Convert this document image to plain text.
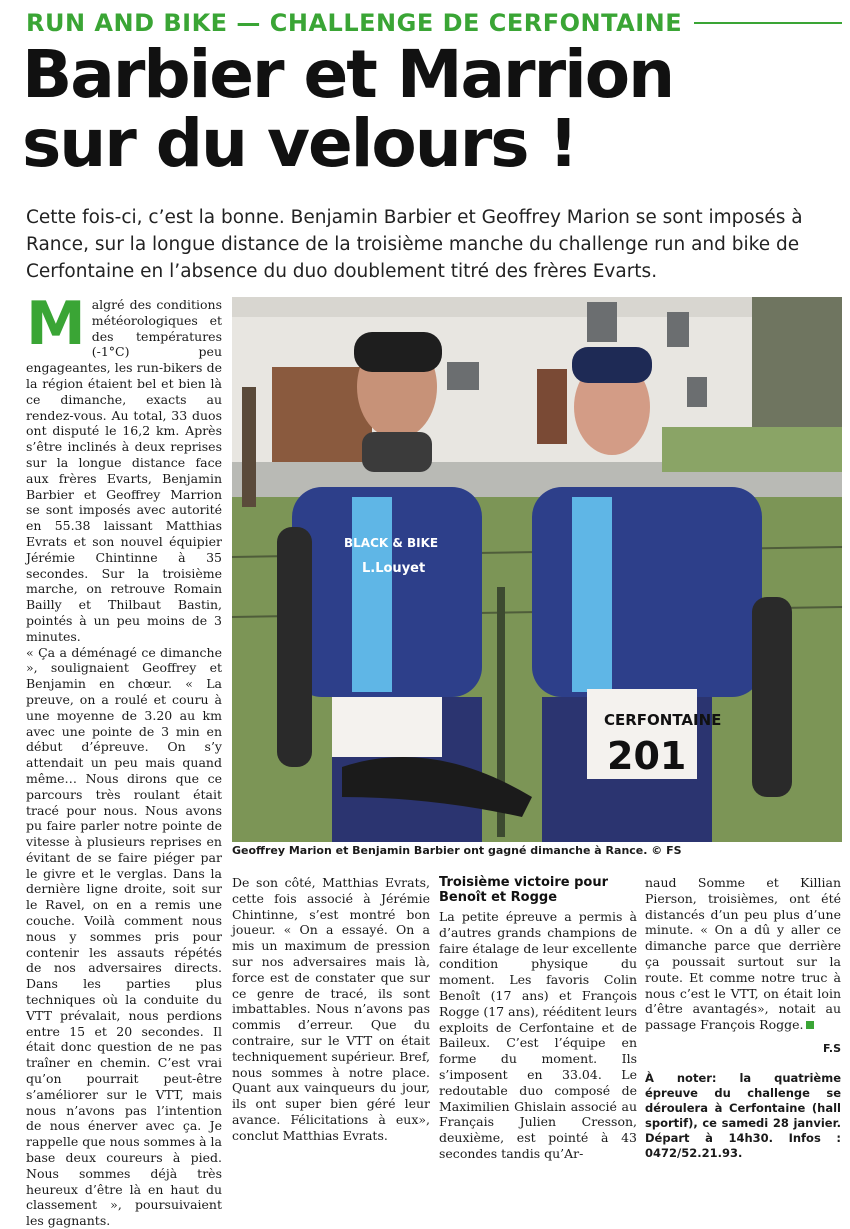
RUN AND BIKE — CHALLENGE DE CERFONTAINE
Barbier et Marrion
sur du velours !

Cette fois-ci, c’est la bonne. Benjamin Barbier et Geoffrey Marion se sont imposés à Rance, sur la longue distance de la troisième manche du challenge run and bike de Cerfontaine en l’absence du duo doublement titré des frères Evarts.

M algré des conditions météorologiques et des températures (-1°C) peu engageantes, les run-bikers de la région étaient bel et bien là ce dimanche, exacts au rendez-vous. Au total, 33 duos ont disputé le 16,2 km. Après s’être inclinés à deux reprises sur la longue distance face aux frères Evarts, Benjamin Barbier et Geoffrey Marrion se sont imposés avec autorité en 55.38 laissant Matthias Evrats et son nouvel équipier Jérémie Chintinne à 35 secondes. Sur la troisième marche, on retrouve Romain Bailly et Thilbaut Bastin, pointés à un peu moins de 3 minutes.

« Ça a déménagé ce dimanche », soulignaient Geoffrey et Benjamin en chœur. « La preuve, on a roulé et couru à une moyenne de 3.20 au km avec une pointe de 3 min en début d’épreuve. On s’y attendait un peu mais quand même… Nous dirons que ce parcours très roulant était tracé pour nous. Nous avons pu faire parler notre pointe de vitesse à plusieurs reprises en évitant de se faire piéger par le givre et le verglas. Dans la dernière ligne droite, soit sur le Ravel, on en a remis une couche. Voilà comment nous nous y sommes pris pour contenir les assauts répétés de nos adversaires directs. Dans les parties plus techniques où la conduite du VTT prévalait, nous perdions entre 15 et 20 secondes. Il était donc question de ne pas traîner en chemin. C’est vrai qu’on pourrait peut-être s’améliorer sur le VTT, mais nous n’avons pas l’intention de nous énerver avec ça. Je rappelle que nous sommes à la base deux coureurs à pied. Nous sommes déjà très heureux d’être là en haut du classement », poursuivaient les gagnants.

CERFONTAINE
201
BLACK & BIKE
L.Louyet
Geoffrey Marion et Benjamin Barbier ont gagné dimanche à Rance. © FS

De son côté, Matthias Evrats, cette fois associé à Jérémie Chintinne, s’est montré bon joueur. « On a essayé. On a mis un maximum de pression sur nos adversaires mais là, force est de constater que sur ce genre de tracé, ils sont imbattables. Nous n’avons pas commis d’erreur. Que du contraire, sur le VTT on était techniquement supérieur. Bref, nous sommes à notre place. Quant aux vainqueurs du jour, ils ont super bien géré leur avance. Félicitations à eux», conclut Matthias Evrats.

Troisième victoire pour Benoît et Rogge

La petite épreuve a permis à d’autres grands champions de faire étalage de leur excellente condition physique du moment. Les favoris Colin Benoît (17 ans) et François Rogge (17 ans), rééditent leurs exploits de Cerfontaine et de Baileux. C’est l’équipe en forme du moment. Ils s’imposent en 33.04. Le redoutable duo composé de Maximilien Ghislain associé au Français Julien Cresson, deuxième, est pointé à 43 secondes tandis qu’Ar-

naud Somme et Killian Pierson, troisièmes, ont été distancés d’un peu plus d’une minute. « On a dû y aller ce dimanche parce que derrière ça poussait surtout sur la route. Et comme notre truc à nous c’est le VTT, on était loin d’être avantagés», notait au passage François Rogge.

F.S
À noter: la quatrième épreuve du challenge se déroulera à Cerfontaine (hall sportif), ce samedi 28 janvier. Départ à 14h30. Infos : 0472/52.21.93.
